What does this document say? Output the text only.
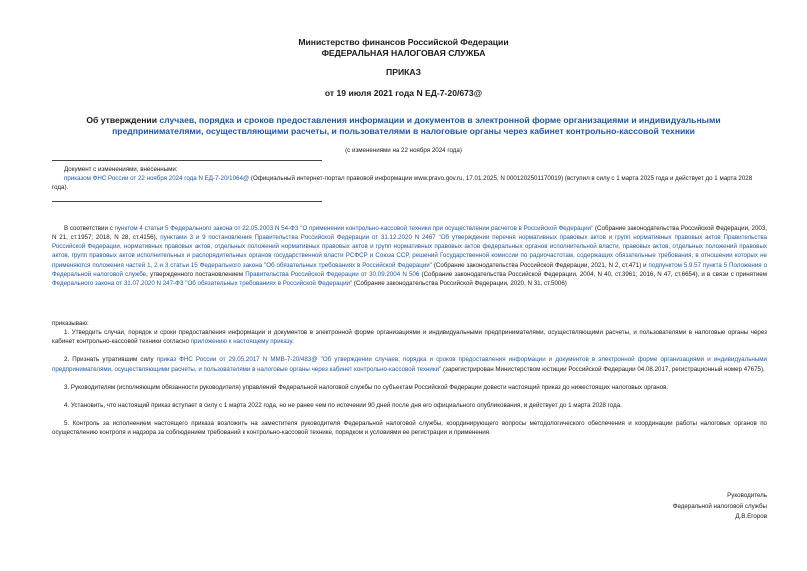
Министерство финансов Российской Федерации
ФЕДЕРАЛЬНАЯ НАЛОГОВАЯ СЛУЖБА
ПРИКАЗ
от 19 июля 2021 года N ЕД-7-20/673@
Об утверждении случаев, порядка и сроков предоставления информации и документов в электронной форме организациями и индивидуальными предпринимателями, осуществляющими расчеты, и пользователями в налоговые органы через кабинет контрольно-кассовой техники
(с изменениями на 22 ноября 2024 года)

Документ с изменениями, внесенными:

приказом ФНС России от 22 ноября 2024 года N ЕД-7-20/1064@ (Официальный интернет-портал правовой информации www.pravo.gov.ru, 17.01.2025, N 0001202501170019) (вступил в силу с 1 марта 2025 года и действует до 1 марта 2028 года).

В соответствии с пунктом 4 статьи 5 Федерального закона от 22.05.2003 N 54-ФЗ "О применении контрольно-кассовой техники при осуществлении расчетов в Российской Федерации" (Собрание законодательства Российской Федерации, 2003, N 21, ст.1957; 2018, N 28, ст.4156), пунктами 3 и 9 постановления Правительства Российской Федерации от 31.12.2020 N 2467 "Об утверждении перечня нормативных правовых актов и групп нормативных правовых актов Правительства Российской Федерации, нормативных правовых актов, отдельных положений нормативных правовых актов и групп нормативных правовых актов федеральных органов исполнительной власти, правовых актов, отдельных положений правовых актов, групп правовых актов исполнительных и распорядительных органов государственной власти РСФСР и Союза ССР, решений Государственной комиссии по радиочастотам, содержащих обязательные требования, в отношении которых не применяются положения частей 1, 2 и 3 статьи 15 Федерального закона "Об обязательных требованиях в Российской Федерации" (Собрание законодательства Российской Федерации, 2021, N 2, ст.471) и подпунктом 5.9.57 пункта 5 Положения о Федеральной налоговой службе, утвержденного постановлением Правительства Российской Федерации от 30.09.2004 N 506 (Собрание законодательства Российской Федерации, 2004, N 40, ст.3961; 2016, N 47, ст.6654), и в связи с принятием Федерального закона от 31.07.2020 N 247-ФЗ "Об обязательных требованиях в Российской Федерации" (Собрание законодательства Российской Федерации, 2020, N 31, ст.5006)

приказываю:

1. Утвердить случаи, порядок и сроки предоставления информации и документов в электронной форме организациями и индивидуальными предпринимателями, осуществляющими расчеты, и пользователями в налоговые органы через кабинет контрольно-кассовой техники согласно приложению к настоящему приказу.

2. Признать утратившим силу приказ ФНС России от 29.05.2017 N ММВ-7-20/483@ "Об утверждении случаев, порядка и сроков предоставления информации и документов в электронной форме организациями и индивидуальными предпринимателями, осуществляющими расчеты, и пользователями в налоговые органы через кабинет контрольно-кассовой техники" (зарегистрирован Министерством юстиции Российской Федерации 04.08.2017, регистрационный номер 47675).

3. Руководителям (исполняющим обязанности руководителя) управлений Федеральной налоговой службы по субъектам Российской Федерации довести настоящий приказ до нижестоящих налоговых органов.

4. Установить, что настоящий приказ вступает в силу с 1 марта 2022 года, но не ранее чем по истечении 90 дней после дня его официального опубликования, и действует до 1 марта 2028 года.

5. Контроль за исполнением настоящего приказа возложить на заместителя руководителя Федеральной налоговой службы, координирующего вопросы методологического обеспечения и координации работы налоговых органов по осуществлению контроля и надзора за соблюдением требований к контрольно-кассовой технике, порядком и условиями ее регистрации и применения.

Руководитель
Федеральной налоговой службы
Д.В.Егоров
